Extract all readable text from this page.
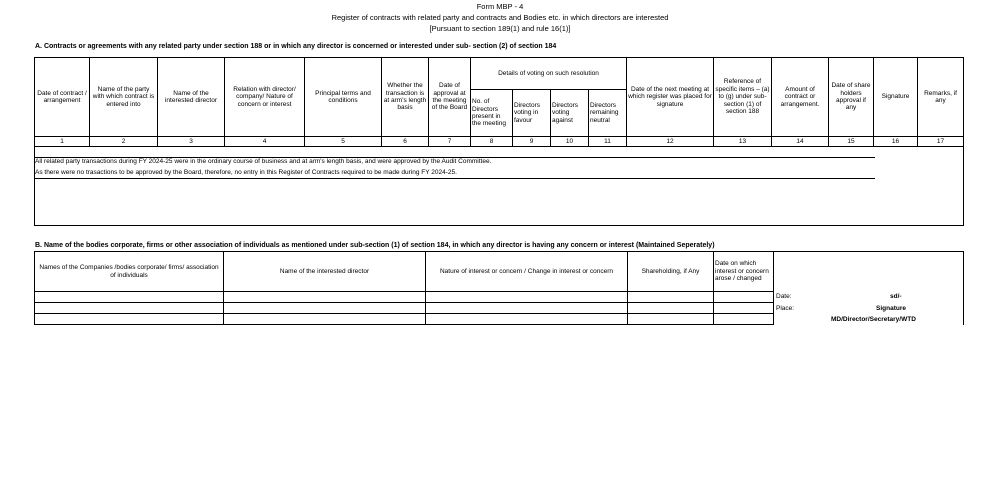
Form MBP - 4
Register of contracts with related party and contracts and Bodies etc. in which directors are interested
[Pursuant to section 189(1) and rule 16(1)]
A. Contracts or agreements with any related party under section 188 or in which any director is concerned or interested under sub- section (2) of section 184
Date of contract / arrangement	Name of the party with which contract is entered into	Name of the interested director	Relation with director/ company/ Nature of concern or interest	Principal terms and conditions	Whether the transaction is at arm's length basis	Date of approval at the meeting of the Board	Details of voting on such resolution				Date of the next meeting at which register was placed for signature	Reference of specific items – (a) to (g) under sub-section (1) of section 188	Amount of contract or arrangement.	Date of share holders approval if any	Signature	Remarks, if any
							No. of Directors present in the meeting	Directors voting in favour	Directors voting against	Directors remaining neutral						
1	2	3	4	5	6	7	8	9	10	11	12	13	14	15	16	17

All related party transactions during FY 2024-25 were in the ordinary course of business and at arm's length basis, and were approved by the Audit Committee.
As there were no trasactions to be approved by the Board, therefore, no entry in this Register of Contracts required to be made during FY 2024-25.
B. Name of the bodies corporate, firms or other association of individuals as mentioned under sub-section (1) of section 184, in which any director is having any concern or interest (Maintained Seperately)
Names of the Companies /bodies corporate/ firms/ association of individuals	Name of the interested director	Nature of interest or concern / Change in interest or concern	Shareholding, if Any	Date on which interest or concern arose / changed	

Date:	sd/-
Place:	Signature
MD/Director/Secretary/WTD
